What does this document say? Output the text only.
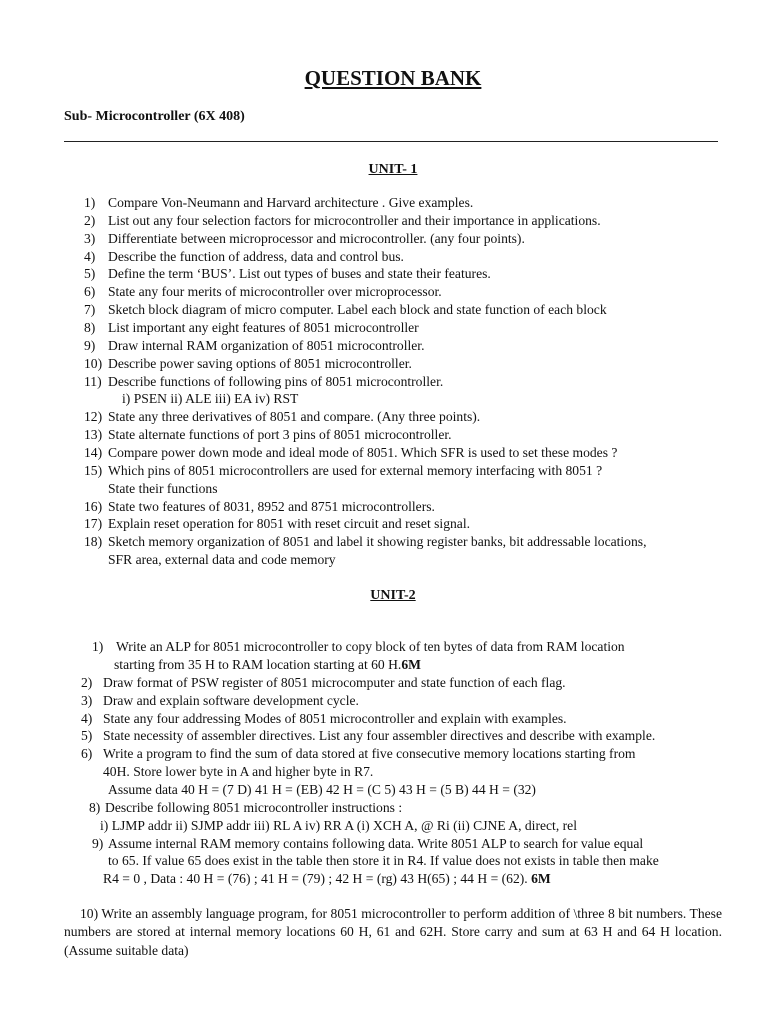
QUESTION BANK

Sub- Microcontroller (6X 408)

UNIT- 1

1) Compare Von-Neumann and Harvard architecture . Give examples.

2) List out any four selection factors for microcontroller and their importance in applications.

3) Differentiate between microprocessor and microcontroller. (any four points).

4) Describe the function of address, data and control bus.

5) Define the term ‘BUS’. List out types of buses and state their features.

6) State any four merits of microcontroller over microprocessor.

7) Sketch block diagram of micro computer. Label each block and state function of each block

8) List important any eight features of 8051 microcontroller

9) Draw internal RAM organization of 8051 microcontroller.

10) Describe power saving options of 8051 microcontroller.

11) Describe functions of following pins of 8051 microcontroller.

i) PSEN ii) ALE iii) EA iv) RST

12) State any three derivatives of 8051 and compare. (Any three points).

13) State alternate functions of port 3 pins of 8051 microcontroller.

14) Compare power down mode and ideal mode of 8051. Which SFR is used to set these modes ?

15) Which pins of 8051 microcontrollers are used for external memory interfacing with 8051 ?

State their functions

16) State two features of 8031, 8952 and 8751 microcontrollers.

17) Explain reset operation for 8051 with reset circuit and reset signal.

18) Sketch memory organization of 8051 and label it showing register banks, bit addressable locations,

SFR area, external data and code memory

UNIT-2

1) Write an ALP for 8051 microcontroller to copy block of ten bytes of data from RAM location

starting from 35 H to RAM location starting at 60 H.6M

2) Draw format of PSW register of 8051 microcomputer and state function of each flag.

3) Draw and explain software development cycle.

4) State any four addressing Modes of 8051 microcontroller and explain with examples.

5) State necessity of assembler directives. List any four assembler directives and describe with example.

6) Write a program to find the sum of data stored at five consecutive memory locations starting from

40H. Store lower byte in A and higher byte in R7.

Assume data 40 H = (7 D) 41 H = (EB) 42 H = (C 5) 43 H = (5 B) 44 H = (32)

8) Describe following 8051 microcontroller instructions :

i) LJMP addr ii) SJMP addr iii) RL A iv) RR A (i) XCH A, @ Ri (ii) CJNE A, direct, rel

9) Assume internal RAM memory contains following data. Write 8051 ALP to search for value equal

to 65. If value 65 does exist in the table then store it in R4. If value does not exists in table then make

R4 = 0 , Data : 40 H = (76) ; 41 H = (79) ; 42 H = (rg) 43 H(65) ; 44 H = (62). 6M

10) Write an assembly language program, for 8051 microcontroller to perform addition of \three 8 bit numbers. These numbers are stored at internal memory locations 60 H, 61 and 62H. Store carry and sum at 63 H and 64 H location. (Assume suitable data)
